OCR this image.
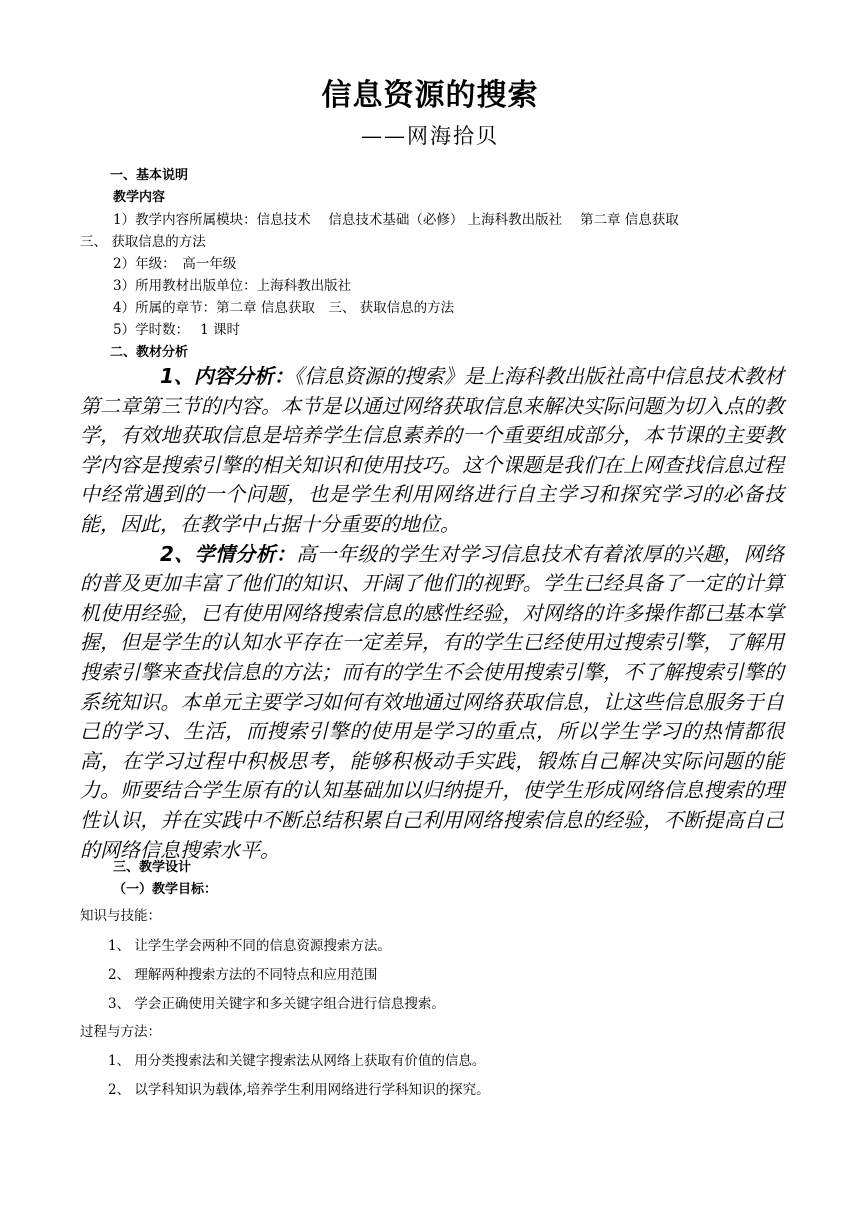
信息资源的搜索
——网海拾贝
一、基本说明
教学内容
1）教学内容所属模块：信息技术　 信息技术基础（必修） 上海科教出版社　 第二章 信息获取
三、 获取信息的方法
2）年级：　高一年级
3）所用教材出版单位：上海科教出版社
4）所属的章节：第二章 信息获取　三、 获取信息的方法
5）学时数：　 1 课时
二、教材分析

1、内容分析：《信息资源的搜索》是上海科教出版社高中信息技术教材第二章第三节的内容。本节是以通过网络获取信息来解决实际问题为切入点的教学，有效地获取信息是培养学生信息素养的一个重要组成部分，本节课的主要教学内容是搜索引擎的相关知识和使用技巧。这个课题是我们在上网查找信息过程中经常遇到的一个问题，也是学生利用网络进行自主学习和探究学习的必备技能，因此，在教学中占据十分重要的地位。

2、学情分析：高一年级的学生对学习信息技术有着浓厚的兴趣，网络的普及更加丰富了他们的知识、开阔了他们的视野。学生已经具备了一定的计算机使用经验，已有使用网络搜索信息的感性经验，对网络的许多操作都已基本掌握，但是学生的认知水平存在一定差异，有的学生已经使用过搜索引擎，了解用搜索引擎来查找信息的方法；而有的学生不会使用搜索引擎，不了解搜索引擎的系统知识。本单元主要学习如何有效地通过网络获取信息，让这些信息服务于自己的学习、生活，而搜索引擎的使用是学习的重点，所以学生学习的热情都很高，在学习过程中积极思考，能够积极动手实践，锻炼自己解决实际问题的能力。师要结合学生原有的认知基础加以归纳提升，使学生形成网络信息搜索的理性认识，并在实践中不断总结积累自己利用网络搜索信息的经验，不断提高自己的网络信息搜索水平。

三、教学设计
（一）教学目标：
知识与技能：
1、 让学生学会两种不同的信息资源搜索方法。
2、 理解两种搜索方法的不同特点和应用范围
3、 学会正确使用关键字和多关键字组合进行信息搜索。
过程与方法：
1、 用分类搜索法和关键字搜索法从网络上获取有价值的信息。
2、 以学科知识为载体,培养学生利用网络进行学科知识的探究。
